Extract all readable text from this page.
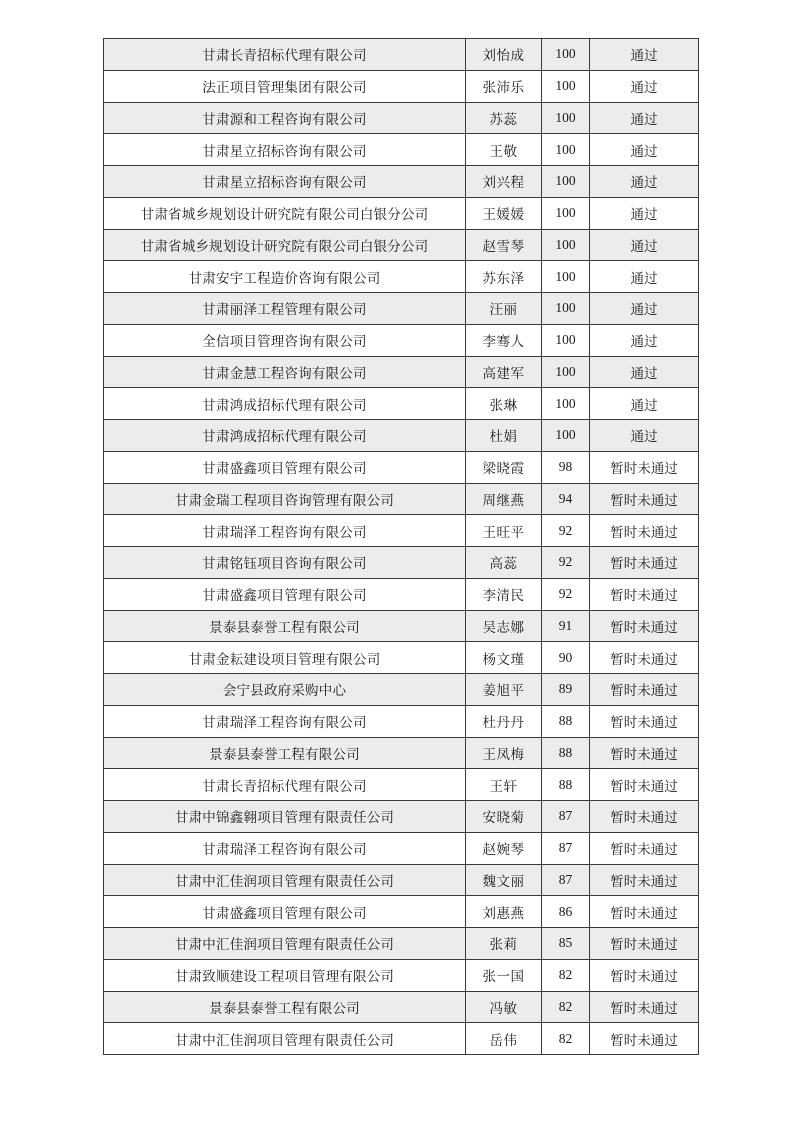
甘肃长青招标代理有限公司	刘怡成	100	通过
法正项目管理集团有限公司	张沛乐	100	通过
甘肃源和工程咨询有限公司	苏蕊	100	通过
甘肃星立招标咨询有限公司	王敬	100	通过
甘肃星立招标咨询有限公司	刘兴程	100	通过
甘肃省城乡规划设计研究院有限公司白银分公司	王媛媛	100	通过
甘肃省城乡规划设计研究院有限公司白银分公司	赵雪琴	100	通过
甘肃安宇工程造价咨询有限公司	苏东泽	100	通过
甘肃丽泽工程管理有限公司	汪丽	100	通过
全信项目管理咨询有限公司	李骞人	100	通过
甘肃金慧工程咨询有限公司	高建军	100	通过
甘肃鸿成招标代理有限公司	张琳	100	通过
甘肃鸿成招标代理有限公司	杜娟	100	通过
甘肃盛鑫项目管理有限公司	梁晓霞	98	暂时未通过
甘肃金瑞工程项目咨询管理有限公司	周继燕	94	暂时未通过
甘肃瑞泽工程咨询有限公司	王旺平	92	暂时未通过
甘肃铭钰项目咨询有限公司	高蕊	92	暂时未通过
甘肃盛鑫项目管理有限公司	李清民	92	暂时未通过
景泰县泰誉工程有限公司	吴志娜	91	暂时未通过
甘肃金耘建设项目管理有限公司	杨文瑾	90	暂时未通过
会宁县政府采购中心	姜旭平	89	暂时未通过
甘肃瑞泽工程咨询有限公司	杜丹丹	88	暂时未通过
景泰县泰誉工程有限公司	王凤梅	88	暂时未通过
甘肃长青招标代理有限公司	王轩	88	暂时未通过
甘肃中锦鑫翱项目管理有限责任公司	安晓菊	87	暂时未通过
甘肃瑞泽工程咨询有限公司	赵婉琴	87	暂时未通过
甘肃中汇佳润项目管理有限责任公司	魏文丽	87	暂时未通过
甘肃盛鑫项目管理有限公司	刘惠燕	86	暂时未通过
甘肃中汇佳润项目管理有限责任公司	张莉	85	暂时未通过
甘肃致顺建设工程项目管理有限公司	张一国	82	暂时未通过
景泰县泰誉工程有限公司	冯敏	82	暂时未通过
甘肃中汇佳润项目管理有限责任公司	岳伟	82	暂时未通过
